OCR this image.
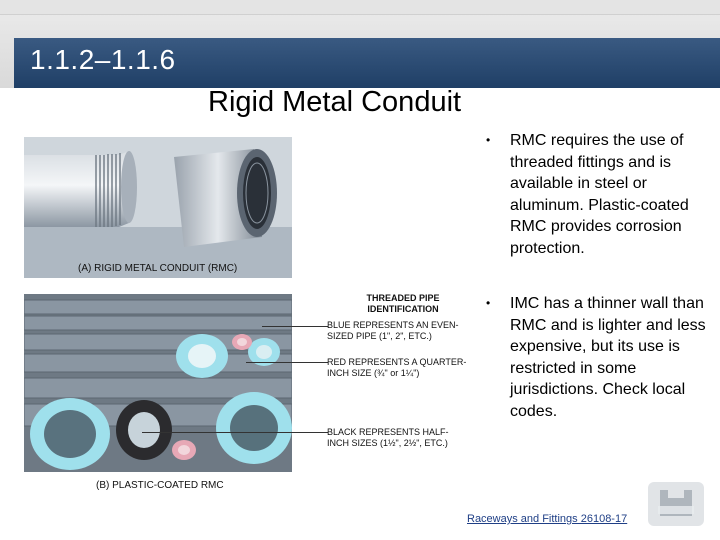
1.1.2–1.1.6
Rigid Metal Conduit
(A) RIGID METAL CONDUIT (RMC)
(B) PLASTIC-COATED RMC
THREADED PIPE
IDENTIFICATION
BLUE REPRESENTS AN EVEN-
SIZED PIPE (1", 2", ETC.)
RED REPRESENTS A QUARTER-
INCH SIZE (¾" or 1¼")
BLACK REPRESENTS HALF-
INCH SIZES (1½", 2½", ETC.)

• RMC requires the use of threaded fittings and is available in steel or aluminum. Plastic-coated RMC provides corrosion protection.

• IMC has a thinner wall than RMC and is lighter and less expensive, but its use is restricted in some jurisdictions. Check local codes.

Raceways and Fittings 26108-17
